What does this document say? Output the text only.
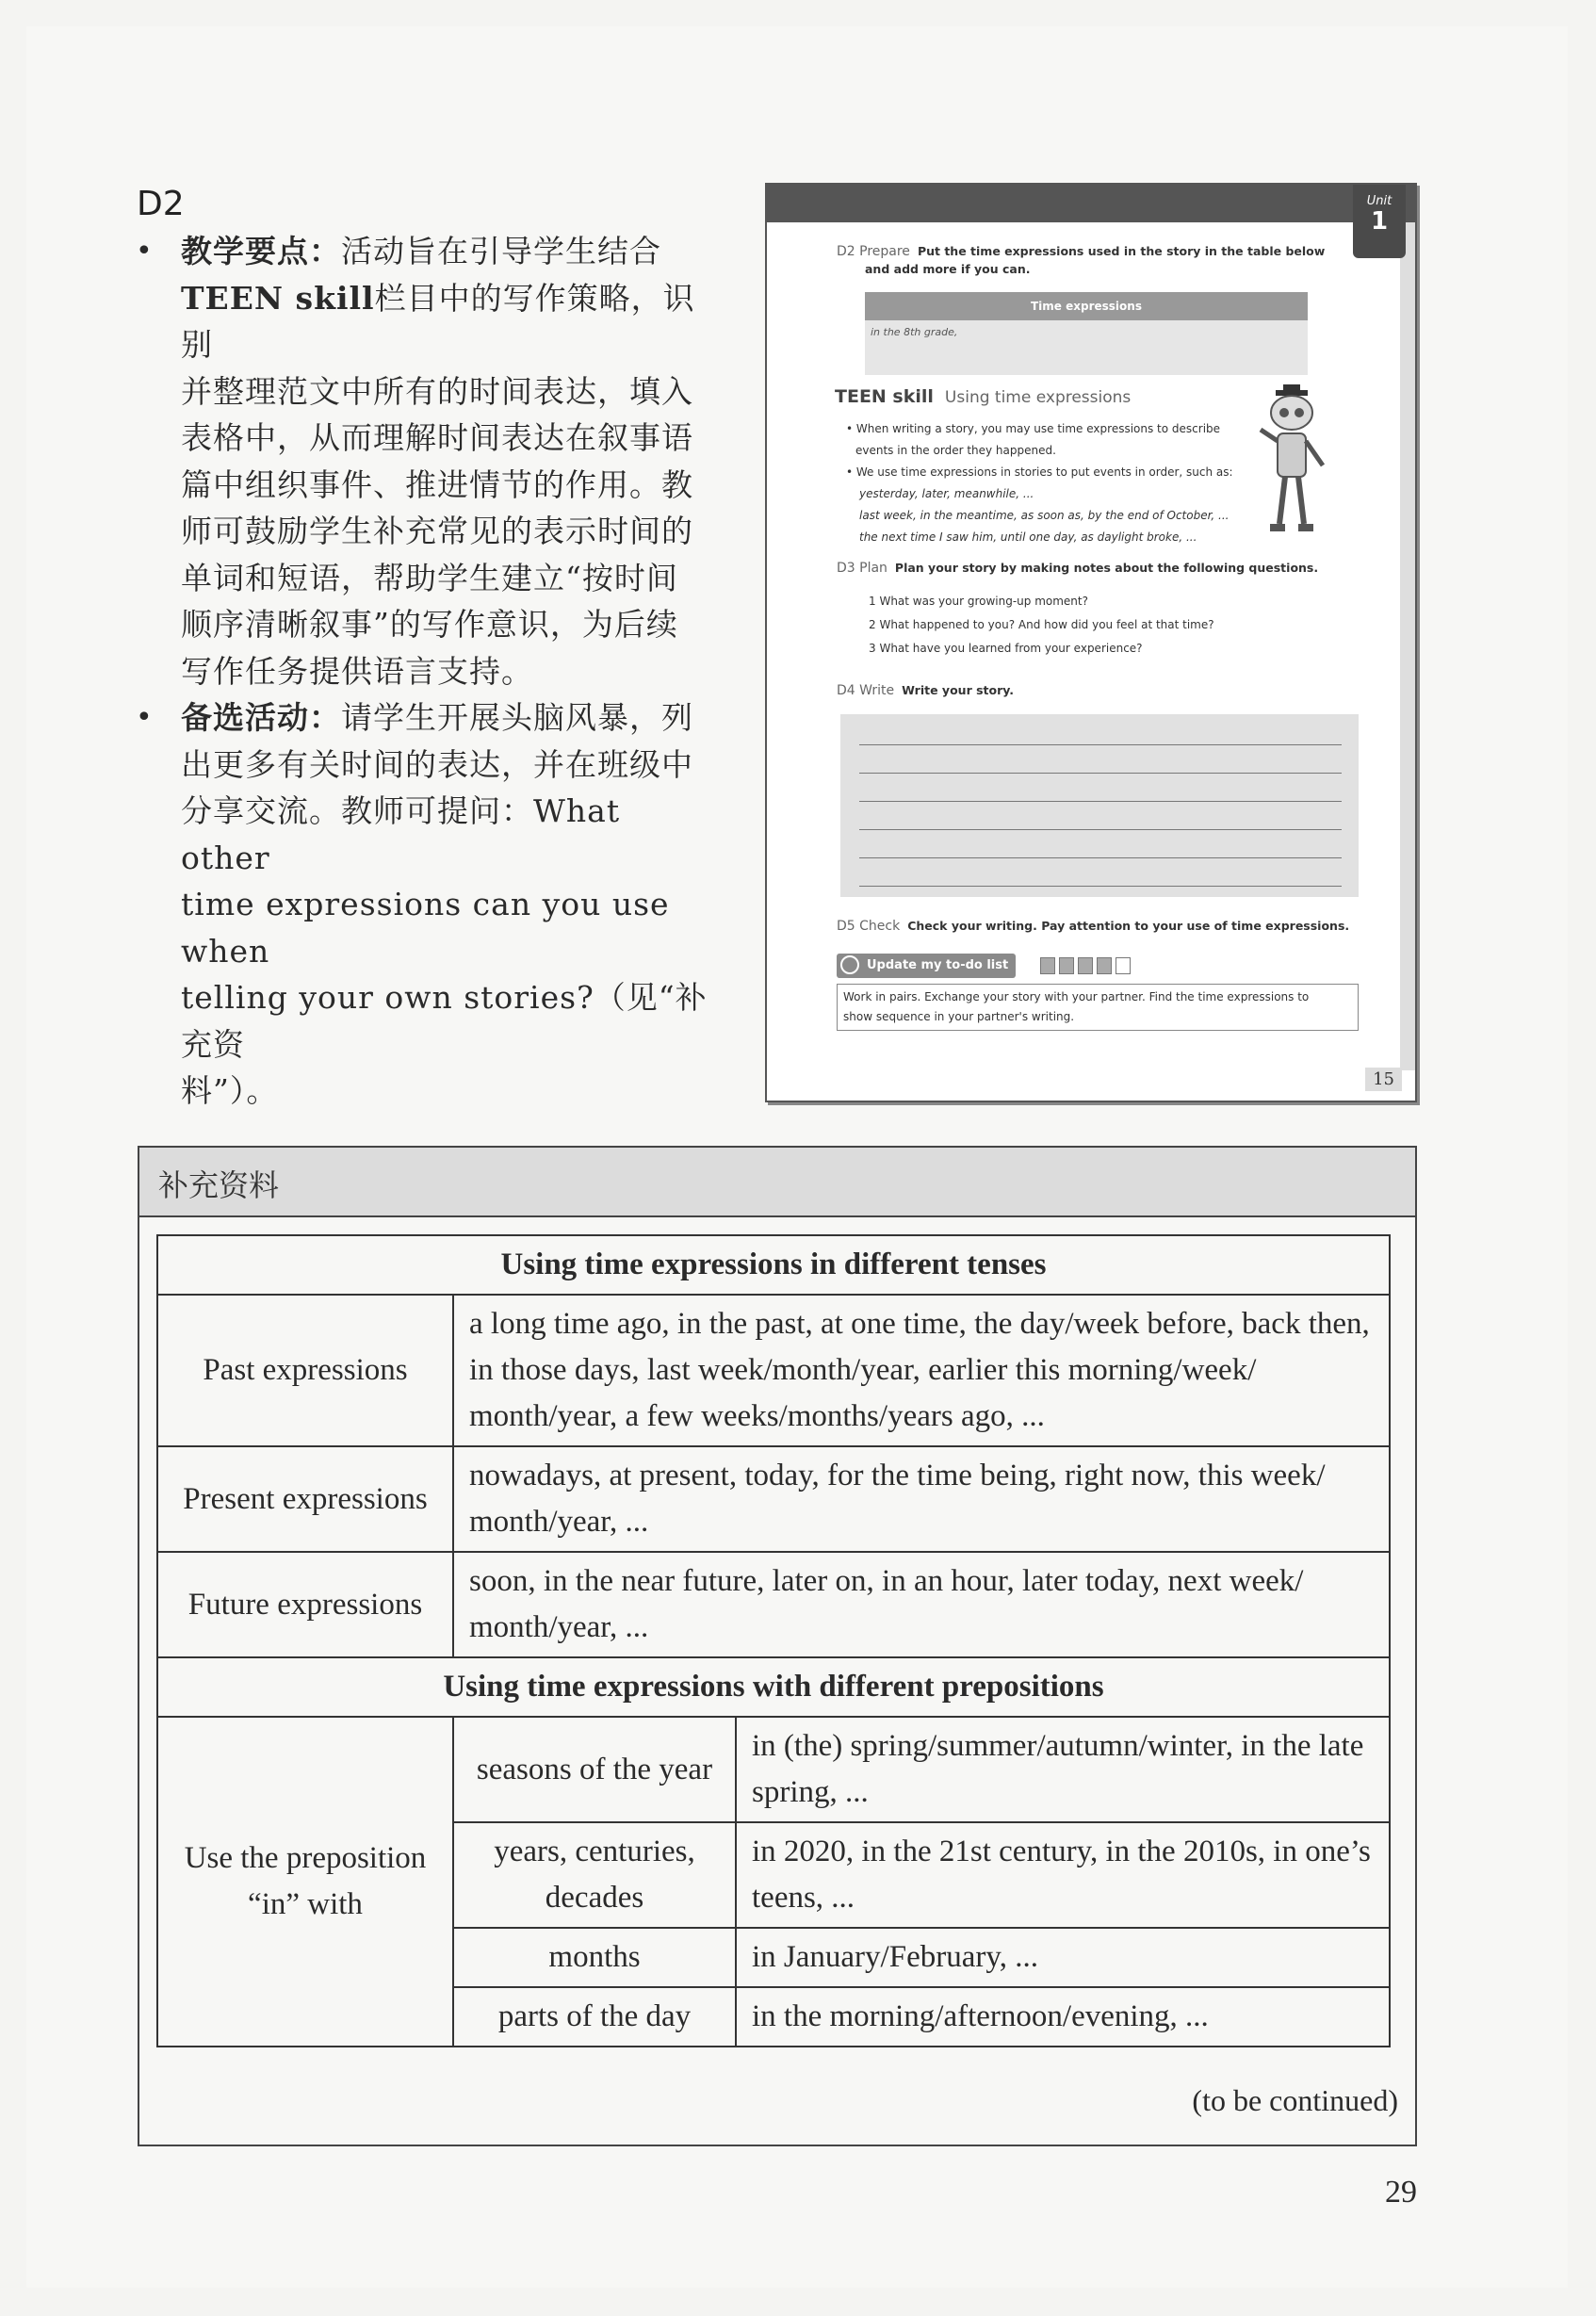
D2
• 教学要点：活动旨在引导学生结合
TEEN skill栏目中的写作策略，识别
并整理范文中所有的时间表达，填入
表格中，从而理解时间表达在叙事语
篇中组织事件、推进情节的作用。教
师可鼓励学生补充常见的表示时间的
单词和短语，帮助学生建立“按时间
顺序清晰叙事”的写作意识，为后续
写作任务提供语言支持。
• 备选活动：请学生开展头脑风暴，列
出更多有关时间的表达，并在班级中
分享交流。教师可提问：What other
time expressions can you use when
telling your own stories?（见“补充资
料”）。
Unit
1
D2 Prepare Put the time expressions used in the story in the table below
and add more if you can.
Time expressions
in the 8th grade,
TEEN skill Using time expressions
• When writing a story, you may use time expressions to describe
events in the order they happened.
• We use time expressions in stories to put events in order, such as:
yesterday, later, meanwhile, ...
last week, in the meantime, as soon as, by the end of October, ...
the next time I saw him, until one day, as daylight broke, ...
D3 Plan Plan your story by making notes about the following questions.
1 What was your growing-up moment?
2 What happened to you? And how did you feel at that time?
3 What have you learned from your experience?
D4 Write Write your story.
D5 Check Check your writing. Pay attention to your use of time expressions.
Update my to-do list
Work in pairs. Exchange your story with your partner. Find the time expressions to
show sequence in your partner's writing.
15
补充资料
Using time expressions in different tenses		
Past expressions	a long time ago, in the past, at one time, the day/week before, back then, in those days, last week/month/year, earlier this morning/week/ month/year, a few weeks/months/years ago, ...	
Present expressions	nowadays, at present, today, for the time being, right now, this week/ month/year, ...	
Future expressions	soon, in the near future, later on, in an hour, later today, next week/ month/year, ...	
Using time expressions with different prepositions		
Use the preposition
“in” with	seasons of the year	in (the) spring/summer/autumn/winter, in the late spring, ...
	years, centuries, decades	in 2020, in the 21st century, in the 2010s, in one’s teens, ...
	months	in January/February, ...
	parts of the day	in the morning/afternoon/evening, ...
(to be continued)
29
